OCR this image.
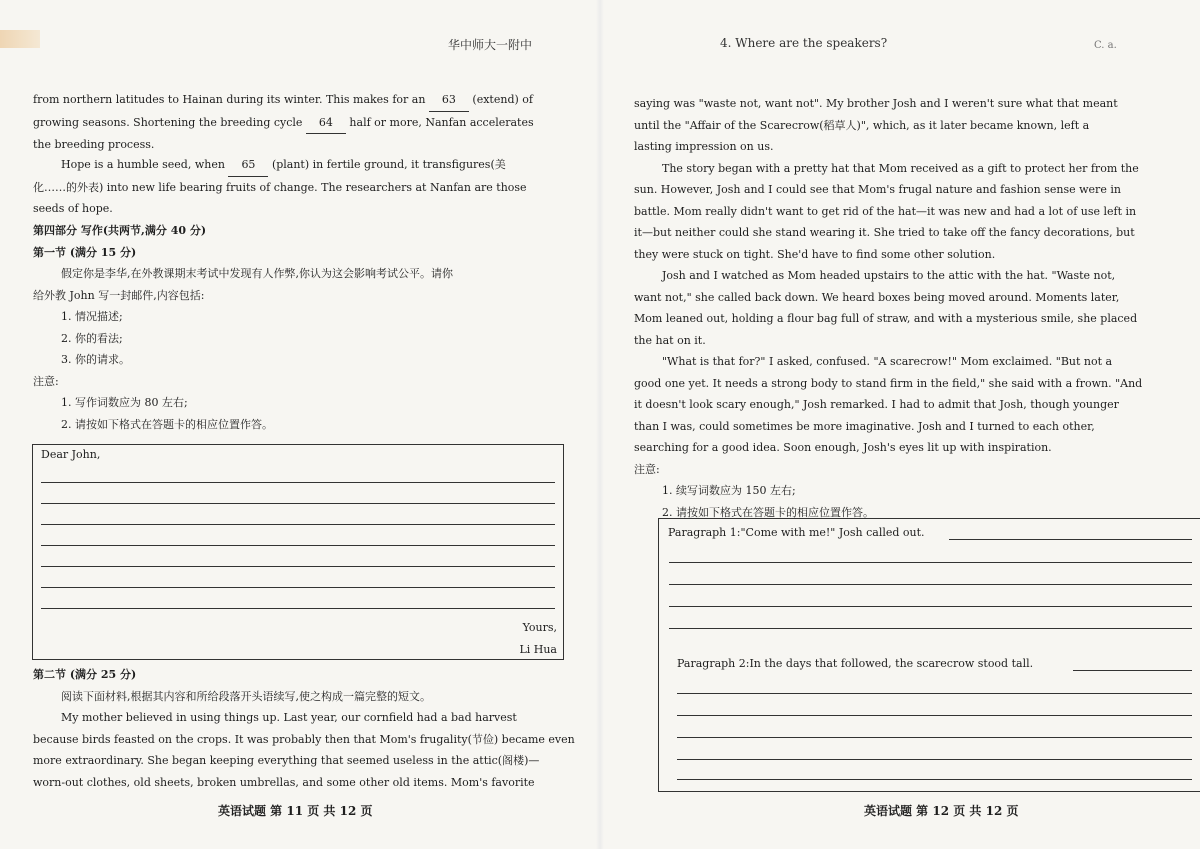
华中师大一附中
from northern latitudes to Hainan during its winter. This makes for an 63 (extend) of
growing seasons. Shortening the breeding cycle 64 half or more, Nanfan accelerates
the breeding process.
Hope is a humble seed, when 65 (plant) in fertile ground, it transfigures(美
化……的外表) into new life bearing fruits of change. The researchers at Nanfan are those
seeds of hope.
第四部分 写作(共两节,满分 40 分)
第一节 (满分 15 分)
假定你是李华,在外教课期末考试中发现有人作弊,你认为这会影响考试公平。请你
给外教 John 写一封邮件,内容包括:
1. 情况描述;
2. 你的看法;
3. 你的请求。
注意:
1. 写作词数应为 80 左右;
2. 请按如下格式在答题卡的相应位置作答。
Dear John,
Yours,
Li Hua
第二节 (满分 25 分)
阅读下面材料,根据其内容和所给段落开头语续写,使之构成一篇完整的短文。
My mother believed in using things up. Last year, our cornfield had a bad harvest
because birds feasted on the crops. It was probably then that Mom's frugality(节俭) became even
more extraordinary. She began keeping everything that seemed useless in the attic(阁楼)—
worn-out clothes, old sheets, broken umbrellas, and some other old items. Mom's favorite
英语试题 第 11 页 共 12 页
4. Where are the speakers?	C. a.
saying was "waste not, want not". My brother Josh and I weren't sure what that meant
until the "Affair of the Scarecrow(稻草人)", which, as it later became known, left a
lasting impression on us.
The story began with a pretty hat that Mom received as a gift to protect her from the
sun. However, Josh and I could see that Mom's frugal nature and fashion sense were in
battle. Mom really didn't want to get rid of the hat—it was new and had a lot of use left in
it—but neither could she stand wearing it. She tried to take off the fancy decorations, but
they were stuck on tight. She'd have to find some other solution.
Josh and I watched as Mom headed upstairs to the attic with the hat. "Waste not,
want not," she called back down. We heard boxes being moved around. Moments later,
Mom leaned out, holding a flour bag full of straw, and with a mysterious smile, she placed
the hat on it.
"What is that for?" I asked, confused. "A scarecrow!" Mom exclaimed. "But not a
good one yet. It needs a strong body to stand firm in the field," she said with a frown. "And
it doesn't look scary enough," Josh remarked. I had to admit that Josh, though younger
than I was, could sometimes be more imaginative. Josh and I turned to each other,
searching for a good idea. Soon enough, Josh's eyes lit up with inspiration.
注意:
1. 续写词数应为 150 左右;
2. 请按如下格式在答题卡的相应位置作答。
Paragraph 1:"Come with me!" Josh called out.
Paragraph 2:In the days that followed, the scarecrow stood tall.
英语试题 第 12 页 共 12 页
